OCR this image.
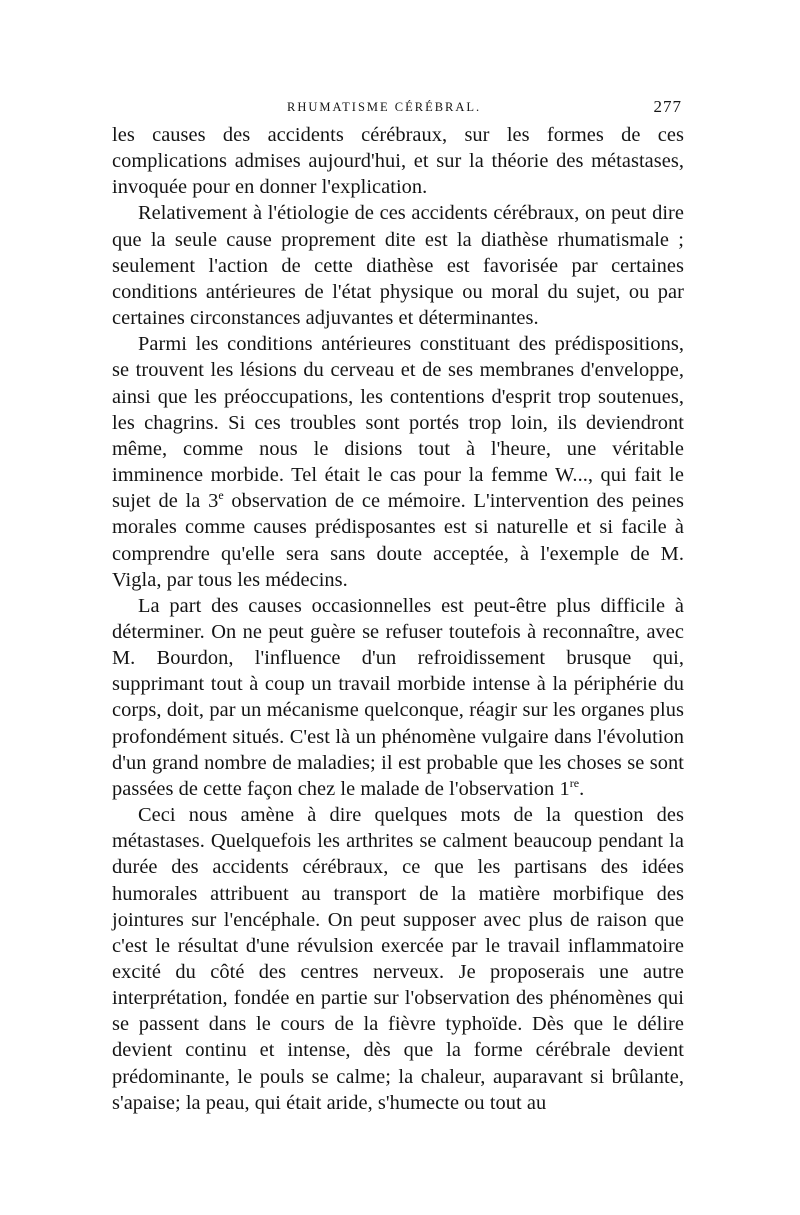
RHUMATISME CÉRÉBRAL.	277

les causes des accidents cérébraux, sur les formes de ces complications admises aujourd'hui, et sur la théorie des métastases, invoquée pour en donner l'explication.

Relativement à l'étiologie de ces accidents cérébraux, on peut dire que la seule cause proprement dite est la diathèse rhumatismale ; seulement l'action de cette diathèse est favorisée par certaines conditions antérieures de l'état physique ou moral du sujet, ou par certaines circonstances adjuvantes et déterminantes.

Parmi les conditions antérieures constituant des prédispositions, se trouvent les lésions du cerveau et de ses membranes d'enveloppe, ainsi que les préoccupations, les contentions d'esprit trop soutenues, les chagrins. Si ces troubles sont portés trop loin, ils deviendront même, comme nous le disions tout à l'heure, une véritable imminence morbide. Tel était le cas pour la femme W..., qui fait le sujet de la 3e observation de ce mémoire. L'intervention des peines morales comme causes prédisposantes est si naturelle et si facile à comprendre qu'elle sera sans doute acceptée, à l'exemple de M. Vigla, par tous les médecins.

La part des causes occasionnelles est peut-être plus difficile à déterminer. On ne peut guère se refuser toutefois à reconnaître, avec M. Bourdon, l'influence d'un refroidissement brusque qui, supprimant tout à coup un travail morbide intense à la périphérie du corps, doit, par un mécanisme quelconque, réagir sur les organes plus profondément situés. C'est là un phénomène vulgaire dans l'évolution d'un grand nombre de maladies; il est probable que les choses se sont passées de cette façon chez le malade de l'observation 1re.

Ceci nous amène à dire quelques mots de la question des métastases. Quelquefois les arthrites se calment beaucoup pendant la durée des accidents cérébraux, ce que les partisans des idées humorales attribuent au transport de la matière morbifique des jointures sur l'encéphale. On peut supposer avec plus de raison que c'est le résultat d'une révulsion exercée par le travail inflammatoire excité du côté des centres nerveux. Je proposerais une autre interprétation, fondée en partie sur l'observation des phénomènes qui se passent dans le cours de la fièvre typhoïde. Dès que le délire devient continu et intense, dès que la forme cérébrale devient prédominante, le pouls se calme; la chaleur, auparavant si brûlante, s'apaise; la peau, qui était aride, s'humecte ou tout au
